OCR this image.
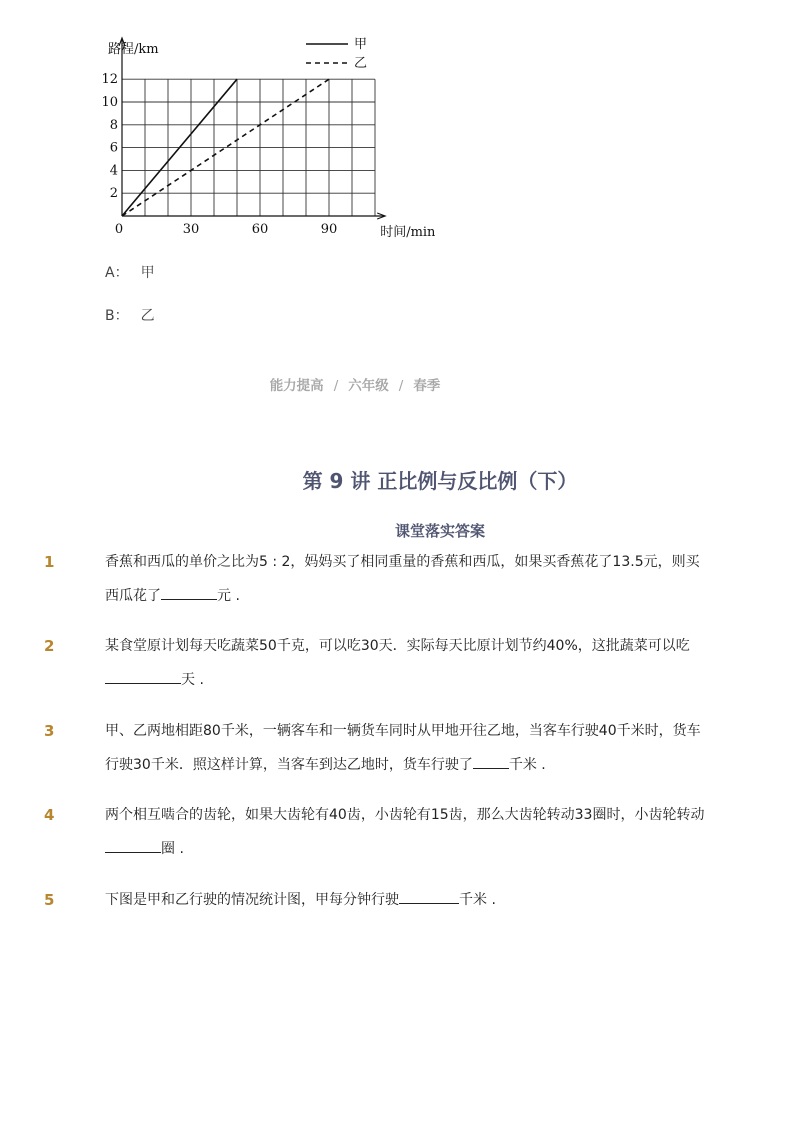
2
4
6
8
10
12
0	30	60	90
路程/km
时间/min
甲
乙
A： 甲
B： 乙
能力提高 / 六年级 / 春季
第 9 讲 正比例与反比例（下）
课堂落实答案
1	香蕉和西瓜的单价之比为5 : 2，妈妈买了相同重量的香蕉和西瓜，如果买香蕉花了13.5元，则买
西瓜花了	元 .
2	某食堂原计划每天吃蔬菜50千克，可以吃30天．实际每天比原计划节约40%，这批蔬菜可以吃
天 .
3	甲、乙两地相距80千米，一辆客车和一辆货车同时从甲地开往乙地，当客车行驶40千米时，货车
行驶30千米．照这样计算，当客车到达乙地时，货车行驶了	千米 .
4	两个相互啮合的齿轮，如果大齿轮有40齿，小齿轮有15齿，那么大齿轮转动33圈时，小齿轮转动
圈 .
5	下图是甲和乙行驶的情况统计图，甲每分钟行驶	千米 .
